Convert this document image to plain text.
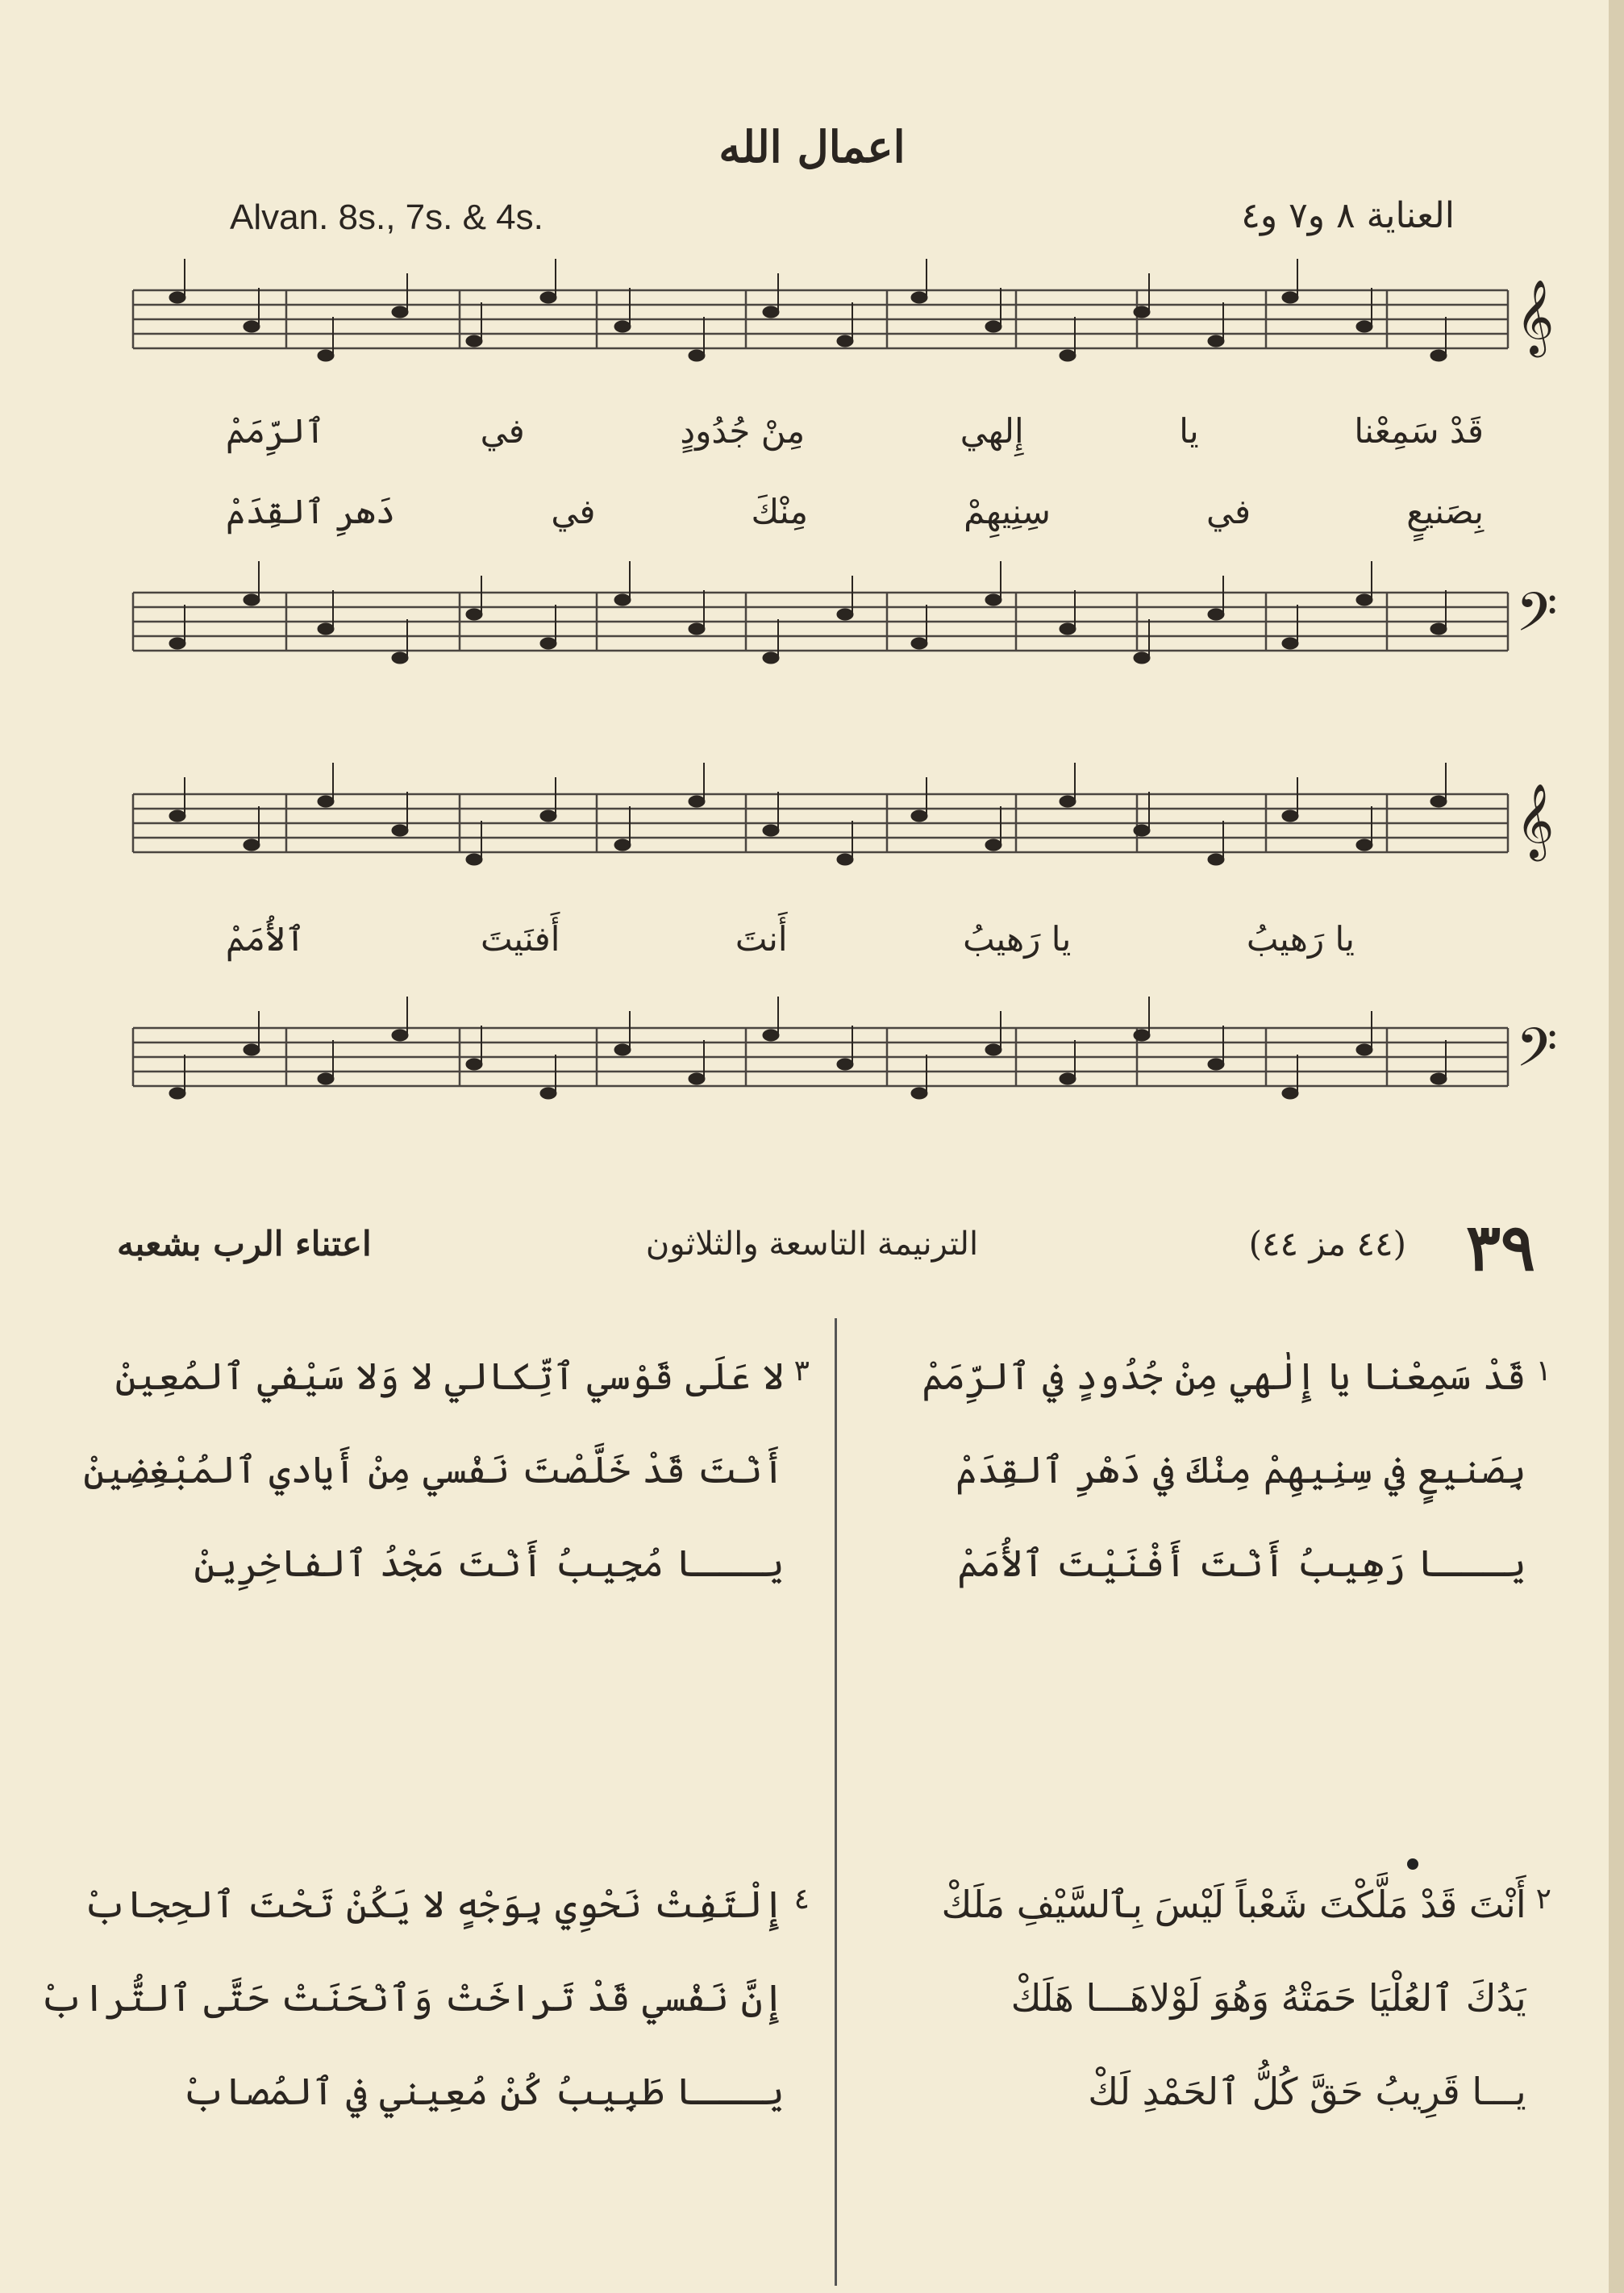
اعمال الله
Alvan. 8s., 7s. & 4s.	العناية ٨ و٧ و٤
𝄞
𝄢
𝄞
𝄢
قَدْ سَمِعْنا
يا
إِلهي
مِنْ جُدُودٍ
في
ٱلرِّمَمْ
بِصَنيعٍ
في
سِنِيهِمْ
مِنْكَ
في
دَهرِ ٱلقِدَمْ
يا رَهيبُ
يا رَهيبُ
أَنتَ
أَفنَيتَ
ٱلأُمَمْ
٣٩
(٤٤ مز ٤٤)
الترنيمة التاسعة والثلاثون
اعتناء الرب بشعبه
١
قَدْ سَمِعْنا يا إِلٰهي مِنْ جُدُودٍ في ٱلرِّمَمْ
بِصَنيعٍ في سِنِيهِمْ مِنْكَ في دَهْرِ ٱلقِدَمْ
يـــا رَهِيبُ أَنْتَ أَفْنَيْتَ ٱلأُمَمْ
٣
لا عَلَى قَوْسي ٱتِّكالي لا وَلا سَيْفي ٱلمُعِينْ
أَنْتَ قَدْ خَلَّصْتَ نَفْسي مِنْ أَيادي ٱلمُبْغِضِينْ
يـــا مُجِيبُ أَنْتَ مَجْدُ ٱلفاخِرِينْ
٢
أَنْتَ قَدْ مَلَّكْتَ شَعْباً لَيْسَ بِٱلسَّيْفِ مَلَكْ
يَدُكَ ٱلعُلْيَا حَمَتْهُ وَهُوَ لَوْلاهَـــا هَلَكْ
يـــا قَرِيبُ حَقَّ كُلُّ ٱلحَمْدِ لَكْ
٤
إِلْتَفِتْ نَحْوِي بِوَجْهٍ لا يَكُنْ تَحْتَ ٱلحِجابْ
إِنَّ نَفْسي قَدْ تَراخَتْ وَٱنْحَنَتْ حَتَّى ٱلتُّرابْ
يـــا طَبِيبُ كُنْ مُعِيني في ٱلمُصابْ
